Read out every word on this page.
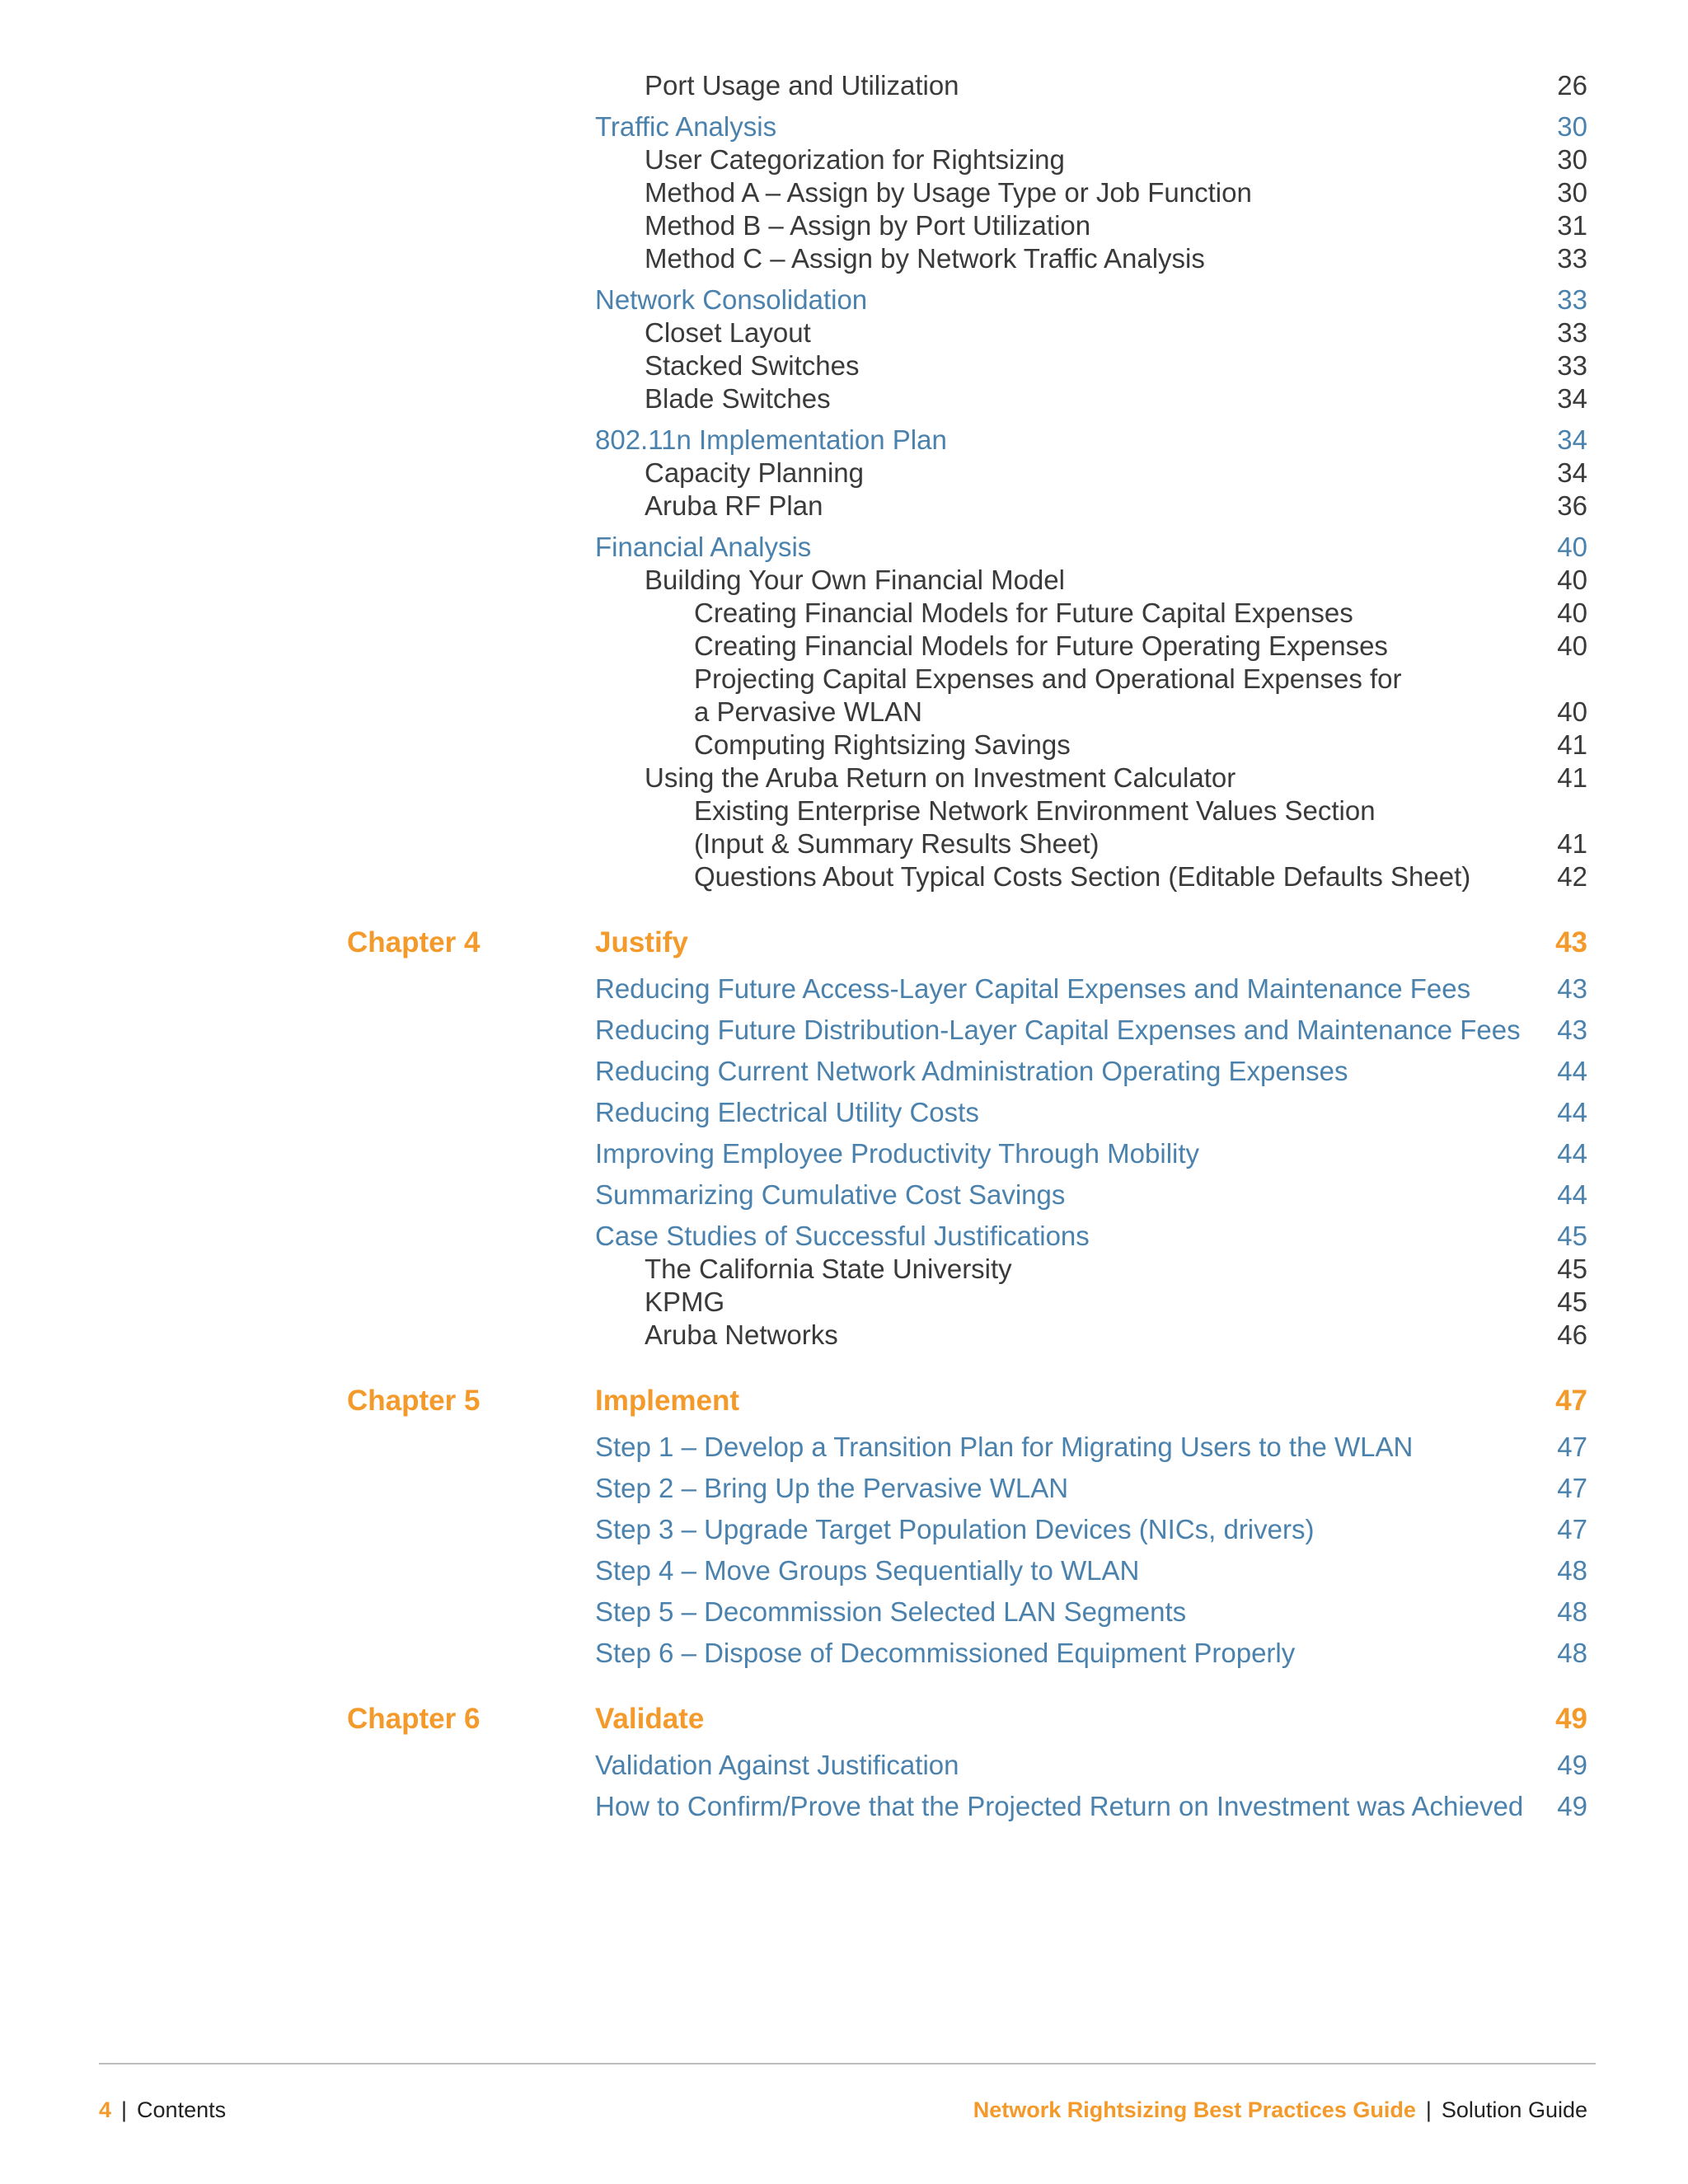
Port Usage and Utilization	26
Traffic Analysis	30
User Categorization for Rightsizing	30
Method A – Assign by Usage Type or Job Function	30
Method B – Assign by Port Utilization	31
Method C – Assign by Network Traffic Analysis	33
Network Consolidation	33
Closet Layout	33
Stacked Switches	33
Blade Switches	34
802.11n Implementation Plan	34
Capacity Planning	34
Aruba RF Plan	36
Financial Analysis	40
Building Your Own Financial Model	40
Creating Financial Models for Future Capital Expenses	40
Creating Financial Models for Future Operating Expenses	40
Projecting Capital Expenses and Operational Expenses for
a Pervasive WLAN	40
Computing Rightsizing Savings	41
Using the Aruba Return on Investment Calculator	41
Existing Enterprise Network Environment Values Section
(Input & Summary Results Sheet)	41
Questions About Typical Costs Section (Editable Defaults Sheet)	42
Chapter 4	Justify	43
Reducing Future Access-Layer Capital Expenses and Maintenance Fees	43
Reducing Future Distribution-Layer Capital Expenses and Maintenance Fees 43
Reducing Current Network Administration Operating Expenses	44
Reducing Electrical Utility Costs	44
Improving Employee Productivity Through Mobility	44
Summarizing Cumulative Cost Savings	44
Case Studies of Successful Justifications	45
The California State University	45
KPMG	45
Aruba Networks	46
Chapter 5	Implement	47
Step 1 – Develop a Transition Plan for Migrating Users to the WLAN	47
Step 2 – Bring Up the Pervasive WLAN	47
Step 3 – Upgrade Target Population Devices (NICs, drivers)	47
Step 4 – Move Groups Sequentially to WLAN	48
Step 5 – Decommission Selected LAN Segments	48
Step 6 – Dispose of Decommissioned Equipment Properly	48
Chapter 6	Validate	49
Validation Against Justification	49
How to Confirm/Prove that the Projected Return on Investment was Achieved 49
4 | Contents	Network Rightsizing Best Practices Guide | Solution Guide
